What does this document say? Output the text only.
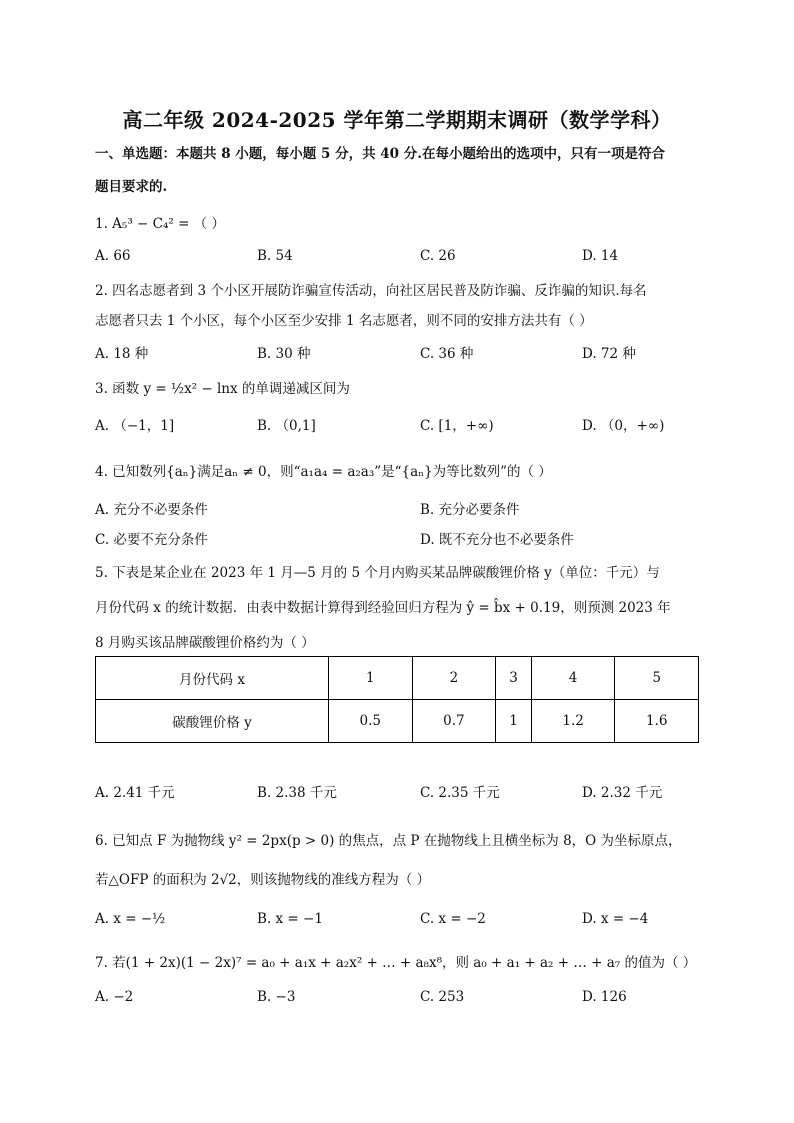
高二年级 2024-2025 学年第二学期期末调研（数学学科）
一、单选题：本题共 8 小题，每小题 5 分，共 40 分.在每小题给出的选项中，只有一项是符合
题目要求的.
1. A₅³ − C₄² = （ ）
A. 66	B. 54	C. 26	D. 14
2. 四名志愿者到 3 个小区开展防诈骗宣传活动，向社区居民普及防诈骗、反诈骗的知识.每名
志愿者只去 1 个小区，每个小区至少安排 1 名志愿者，则不同的安排方法共有（ ）
A. 18 种	B. 30 种	C. 36 种	D. 72 种
3. 函数 y = ½x² − lnx 的单调递减区间为
A. （−1，1]	B. （0,1]	C. [1，+∞)	D. （0，+∞)
4. 已知数列{aₙ}满足aₙ ≠ 0，则“a₁a₄ = a₂a₃”是“{aₙ}为等比数列”的（ ）
A. 充分不必要条件	B. 充分必要条件
C. 必要不充分条件	D. 既不充分也不必要条件
5. 下表是某企业在 2023 年 1 月—5 月的 5 个月内购买某品牌碳酸锂价格 y（单位：千元）与
月份代码 x 的统计数据．由表中数据计算得到经验回归方程为 ŷ = b̂x + 0.19，则预测 2023 年
8 月购买该品牌碳酸锂价格约为（ ）
月份代码 x	1	2	3	4	5
碳酸锂价格 y	0.5	0.7	1	1.2	1.6
A. 2.41 千元	B. 2.38 千元	C. 2.35 千元	D. 2.32 千元
6. 已知点 F 为抛物线 y² = 2px(p > 0) 的焦点，点 P 在抛物线上且横坐标为 8，O 为坐标原点，
若△OFP 的面积为 2√2，则该抛物线的准线方程为（ ）
A. x = −½	B. x = −1	C. x = −2	D. x = −4
7. 若(1 + 2x)(1 − 2x)⁷ = a₀ + a₁x + a₂x² + … + a₈x⁸，则 a₀ + a₁ + a₂ + … + a₇ 的值为（ ）
A. −2	B. −3	C. 253	D. 126
